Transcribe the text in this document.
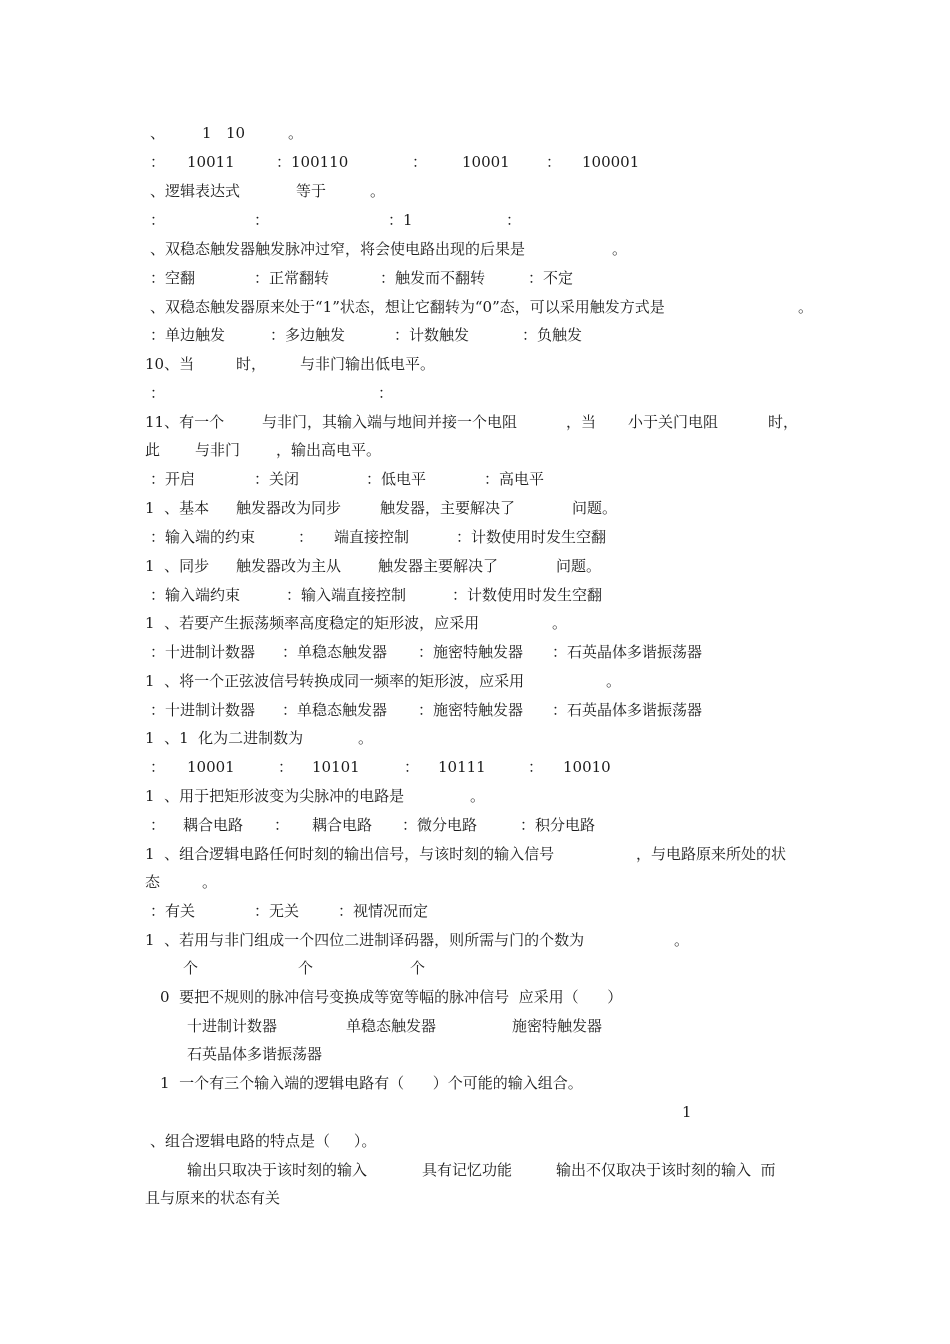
、 1 10	。
： 10011	：100110	： 10001 ： 100001
、逻辑表达式	等于	。
：	：	：1	：
、双稳态触发器触发脉冲过窄，将会使电路出现的后果是	。
：空翻	：正常翻转	：触发而不翻转	：不定
、双稳态触发器原来处于“1”状态，想让它翻转为“0”态，可以采用触发方式是	。
：单边触发	：多边触发	：计数触发	：负触发
10、当	时， 与非门输出低电平。
：	：
11、有一个	与非门，其输入端与地间并接一个电阻	，当 小于关门电阻	时，
此 与非门 ，输出高电平。
：开启	：关闭	：低电平	：高电平
1  、基本 触发器改为同步	触发器，主要解决了	问题。
：输入端的约束	： 端直接控制	：计数使用时发生空翻
1  、同步 触发器改为主从 触发器主要解决了	问题。
：输入端约束	：输入端直接控制	：计数使用时发生空翻
1  、若要产生振荡频率高度稳定的矩形波，应采用	。
：十进制计数器 ：单稳态触发器 ：施密特触发器 ：石英晶体多谐振荡器
1  、将一个正弦波信号转换成同一频率的矩形波，应采用	。
：十进制计数器 ：单稳态触发器 ：施密特触发器 ：石英晶体多谐振荡器
1  、1  化为二进制数为	。
： 10001	： 10101	： 10111	： 10010
1  、用于把矩形波变为尖脉冲的电路是	。
： 耦合电路 ： 耦合电路 ：微分电路	：积分电路
1  、组合逻辑电路任何时刻的输出信号，与该时刻的输入信号	，与电路原来所处的状
态	。
：有关	：无关	：视情况而定
1  、若用与非门组成一个四位二进制译码器，则所需与门的个数为	。
个	个	个
0  要把不规则的脉冲信号变换成等宽等幅的脉冲信号  应采用（      ）
十进制计数器	单稳态触发器	施密特触发器
石英晶体多谐振荡器
1  一个有三个输入端的逻辑电路有（      ）个可能的输入组合。
1
、组合逻辑电路的特点是（     ）。
输出只取决于该时刻的输入	具有记忆功能	输出不仅取决于该时刻的输入  而
且与原来的状态有关
